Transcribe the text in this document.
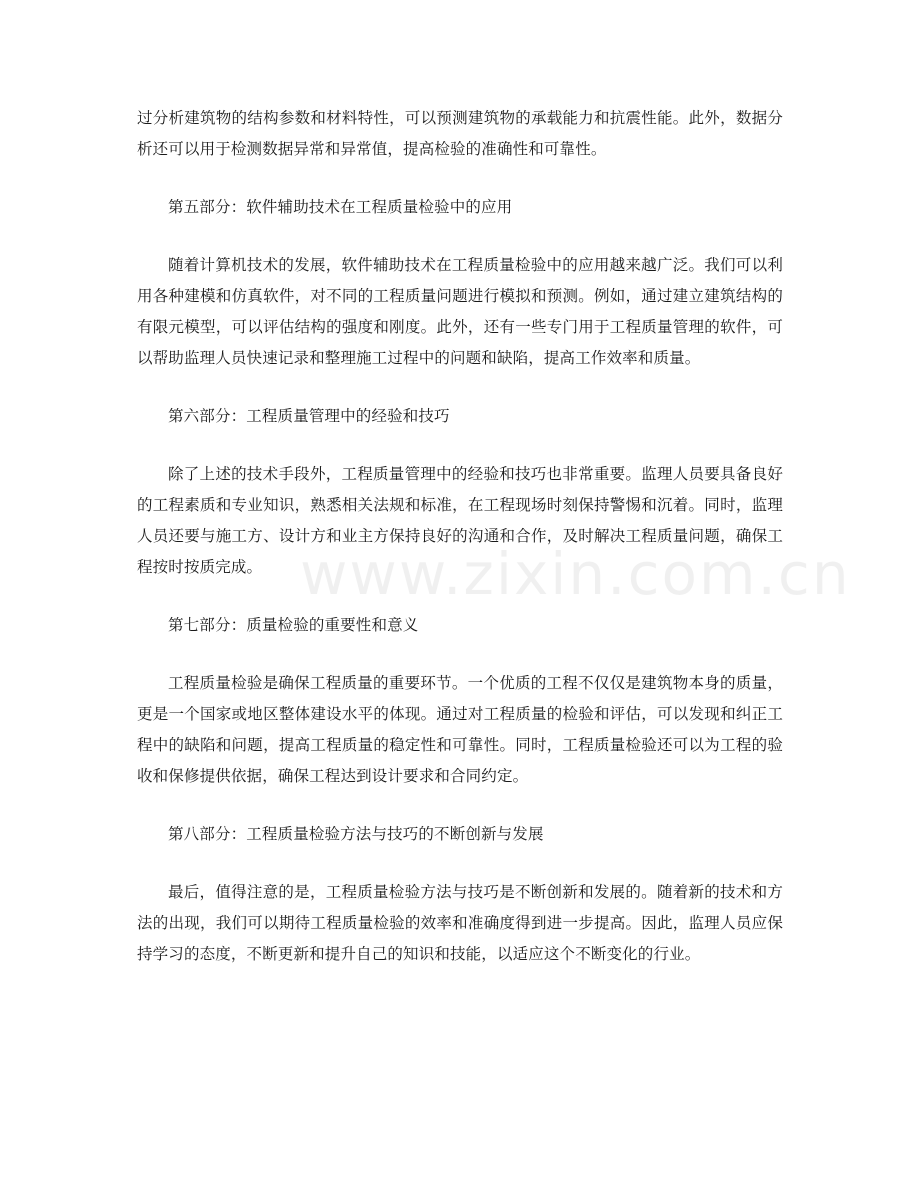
过分析建筑物的结构参数和材料特性，可以预测建筑物的承载能力和抗震性能。此外，数据分析还可以用于检测数据异常和异常值，提高检验的准确性和可靠性。

第五部分：软件辅助技术在工程质量检验中的应用

随着计算机技术的发展，软件辅助技术在工程质量检验中的应用越来越广泛。我们可以利用各种建模和仿真软件，对不同的工程质量问题进行模拟和预测。例如，通过建立建筑结构的有限元模型，可以评估结构的强度和刚度。此外，还有一些专门用于工程质量管理的软件，可以帮助监理人员快速记录和整理施工过程中的问题和缺陷，提高工作效率和质量。

第六部分：工程质量管理中的经验和技巧

除了上述的技术手段外，工程质量管理中的经验和技巧也非常重要。监理人员要具备良好的工程素质和专业知识，熟悉相关法规和标准，在工程现场时刻保持警惕和沉着。同时，监理人员还要与施工方、设计方和业主方保持良好的沟通和合作，及时解决工程质量问题，确保工程按时按质完成。

第七部分：质量检验的重要性和意义

工程质量检验是确保工程质量的重要环节。一个优质的工程不仅仅是建筑物本身的质量，更是一个国家或地区整体建设水平的体现。通过对工程质量的检验和评估，可以发现和纠正工程中的缺陷和问题，提高工程质量的稳定性和可靠性。同时，工程质量检验还可以为工程的验收和保修提供依据，确保工程达到设计要求和合同约定。

第八部分：工程质量检验方法与技巧的不断创新与发展

最后，值得注意的是，工程质量检验方法与技巧是不断创新和发展的。随着新的技术和方法的出现，我们可以期待工程质量检验的效率和准确度得到进一步提高。因此，监理人员应保持学习的态度，不断更新和提升自己的知识和技能，以适应这个不断变化的行业。

www.zixin.com.cn
